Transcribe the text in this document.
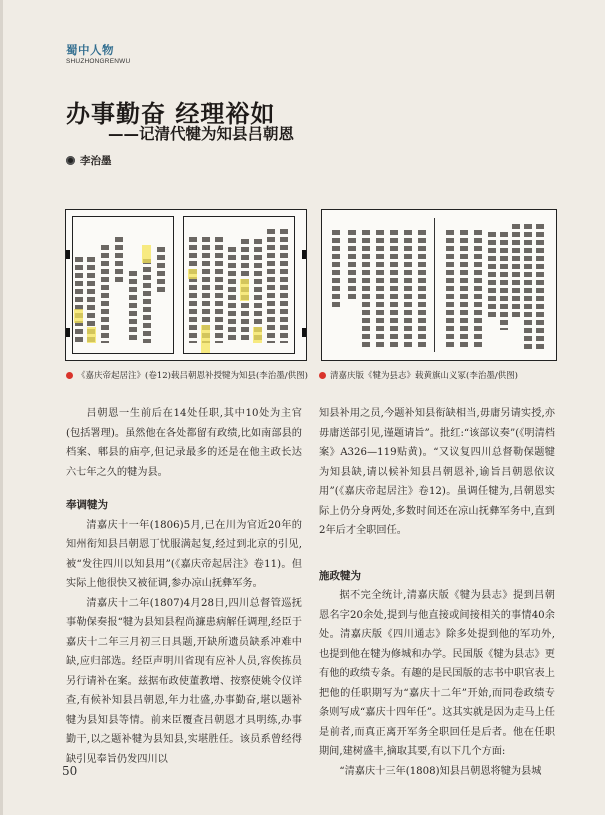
蜀中人物
SHUZHONGRENWU
办事勤奋 经理裕如
——记清代犍为知县吕朝恩
李治墨
《嘉庆帝起居注》(卷12)载吕朝恩补授犍为知县(李治墨/供图)	清嘉庆版《犍为县志》载黄旗山义冢(李治墨/供图)

吕朝恩一生前后在14处任职,其中10处为主官(包括署理)。虽然他在各处都留有政绩,比如南部县的档案、郫县的庙亭,但记录最多的还是在他主政长达六七年之久的犍为县。

奉调犍为

清嘉庆十一年(1806)5月,已在川为官近20年的知州衔知县吕朝恩丁忧服满起复,经过到北京的引见,被“发往四川以知县用”(《嘉庆帝起居注》卷11)。但实际上他很快又被征调,参办凉山抚彝军务。

清嘉庆十二年(1807)4月28日,四川总督管巡抚事勒保奏报“犍为县知县程尚濂患病解任调理,经臣于嘉庆十二年三月初三日具题,开缺所遗员缺系冲难中缺,应归部选。经臣声明川省现有应补人员,容俟拣员另行请补在案。兹据布政使董教增、按察使姚令仪详查,有候补知县吕朝恩,年力壮盛,办事勤奋,堪以题补犍为县知县等情。前来臣覆查吕朝恩才具明练,办事勤干,以之题补犍为县知县,实堪胜任。该员系曾经得缺引见奉旨仍发四川以

知县补用之员,今题补知县衔缺相当,毋庸另请实授,亦毋庸送部引见,谨题请旨”。批红:“该部议奏”(《明清档案》A326—119贴黄)。“又议复四川总督勒保题犍为知县缺,请以候补知县吕朝恩补,谕旨吕朝恩依议用”(《嘉庆帝起居注》卷12)。虽调任犍为,吕朝恩实际上仍分身两处,多数时间还在凉山抚彝军务中,直到2年后才全职回任。

施政犍为

据不完全统计,清嘉庆版《犍为县志》提到吕朝恩名字20余处,提到与他直接或间接相关的事情40余处。清嘉庆版《四川通志》除多处提到他的军功外,也提到他在犍为修城和办学。民国版《犍为县志》更有他的政绩专条。有趣的是民国版的志书中职官表上把他的任职期写为“嘉庆十二年”开始,而同卷政绩专条则写成“嘉庆十四年任”。这其实就是因为走马上任是前者,而真正离开军务全职回任是后者。他在任职期间,建树盛丰,摘取其要,有以下几个方面:

“清嘉庆十三年(1808)知县吕朝恩将犍为县城

50
